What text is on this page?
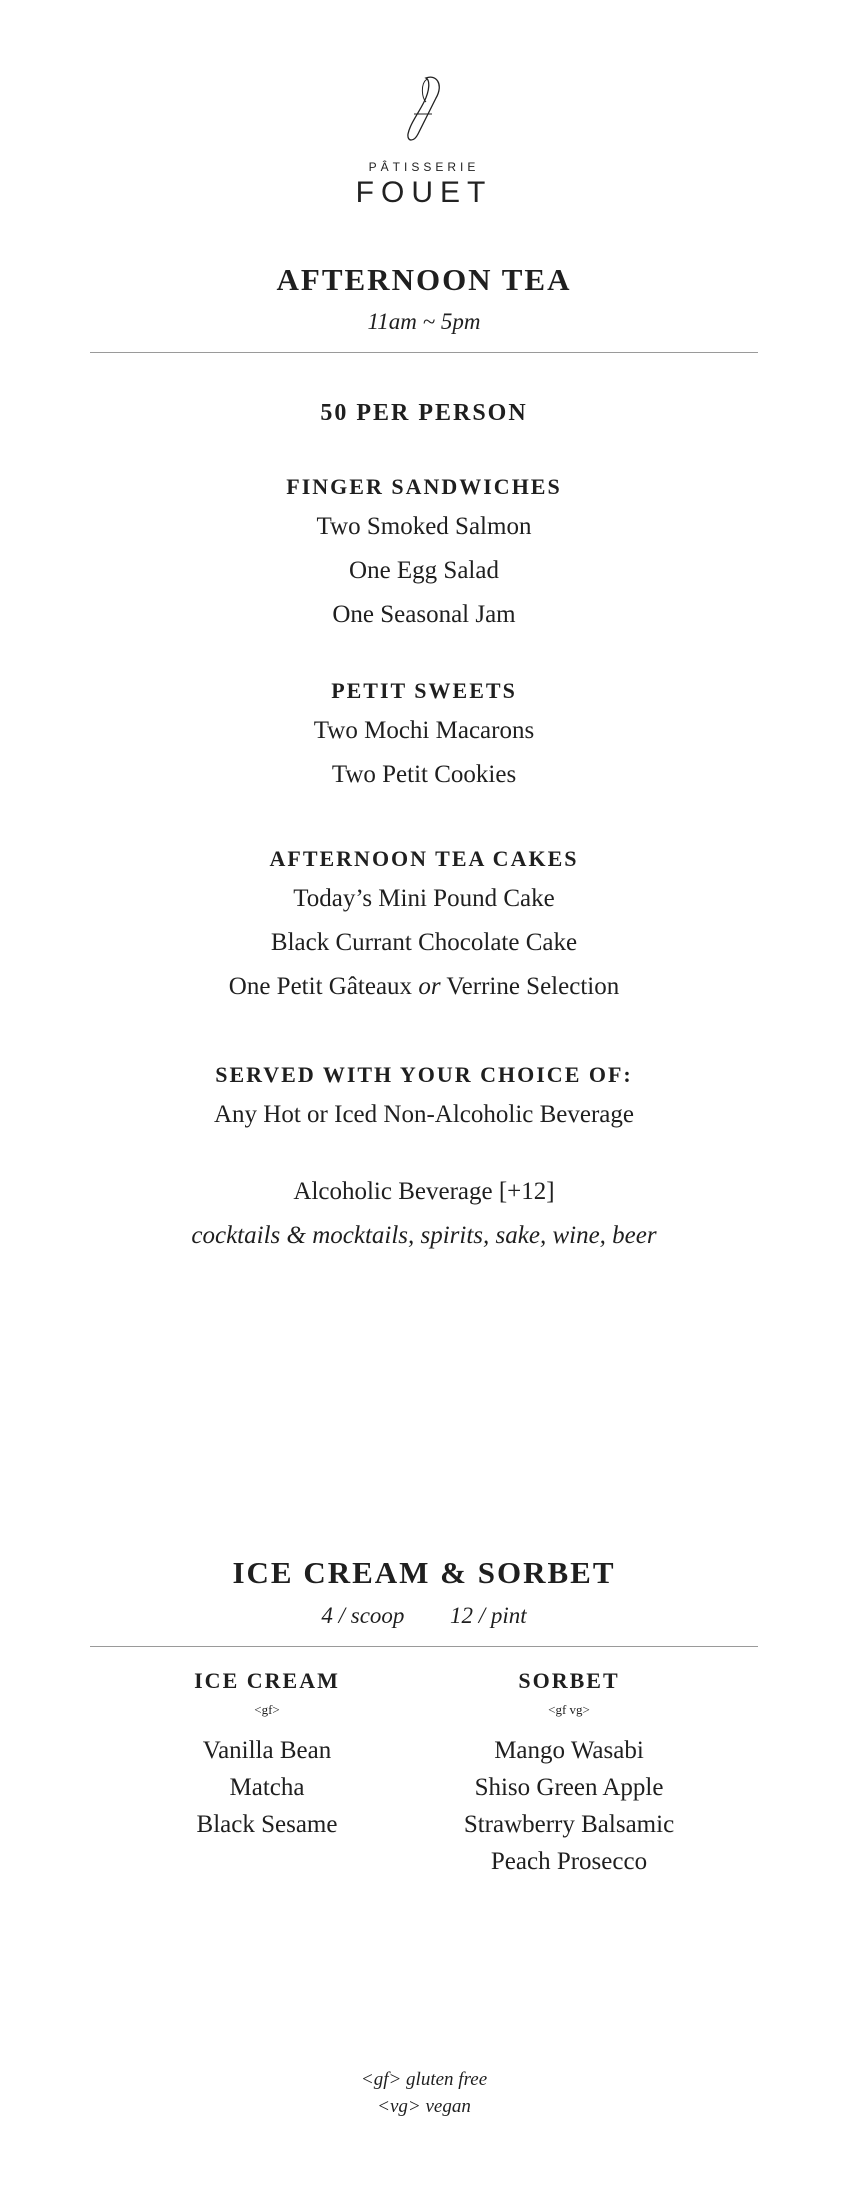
PÂTISSERIE
FOUET
AFTERNOON TEA
11am ~ 5pm
50 PER PERSON
FINGER SANDWICHES
Two Smoked Salmon
One Egg Salad
One Seasonal Jam
PETIT SWEETS
Two Mochi Macarons
Two Petit Cookies
AFTERNOON TEA CAKES
Today’s Mini Pound Cake
Black Currant Chocolate Cake
One Petit Gâteaux or Verrine Selection
SERVED WITH YOUR CHOICE OF:
Any Hot or Iced Non-Alcoholic Beverage
Alcoholic Beverage [+12]
cocktails & mocktails, spirits, sake, wine, beer
ICE CREAM & SORBET
4 / scoop 12 / pint
ICE CREAM
<gf>
Vanilla Bean
Matcha
Black Sesame
SORBET
<gf vg>
Mango Wasabi
Shiso Green Apple
Strawberry Balsamic
Peach Prosecco
<gf> gluten free
<vg> vegan
